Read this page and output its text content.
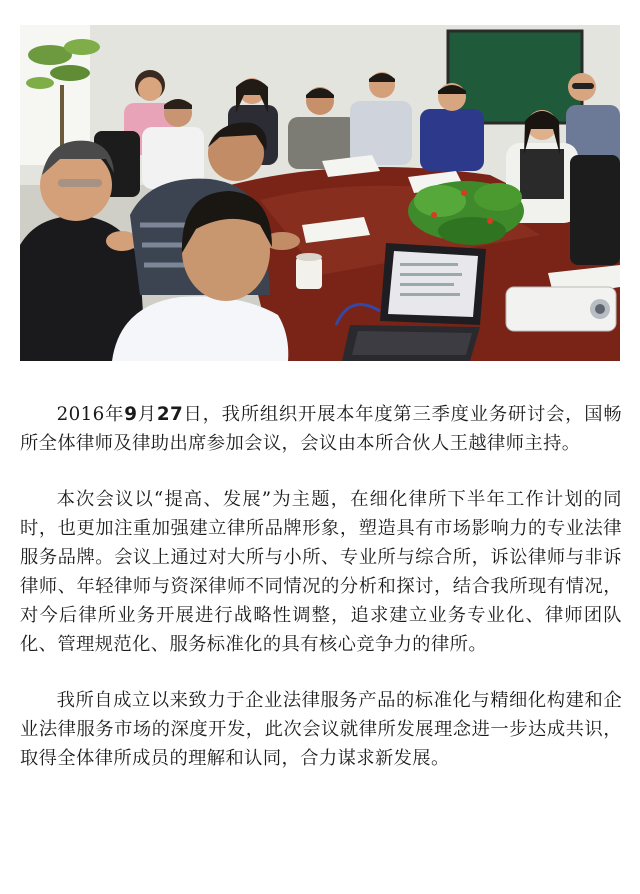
2016年9月27日，我所组织开展本年度第三季度业务研讨会，国畅所全体律师及律助出席参加会议，会议由本所合伙人王越律师主持。

本次会议以“提高、发展”为主题，在细化律所下半年工作计划的同时，也更加注重加强建立律所品牌形象，塑造具有市场影响力的专业法律服务品牌。会议上通过对大所与小所、专业所与综合所，诉讼律师与非诉律师、年轻律师与资深律师不同情况的分析和探讨，结合我所现有情况，对今后律所业务开展进行战略性调整，追求建立业务专业化、律师团队化、管理规范化、服务标准化的具有核心竞争力的律所。

我所自成立以来致力于企业法律服务产品的标准化与精细化构建和企业法律服务市场的深度开发，此次会议就律所发展理念进一步达成共识，取得全体律所成员的理解和认同，合力谋求新发展。
